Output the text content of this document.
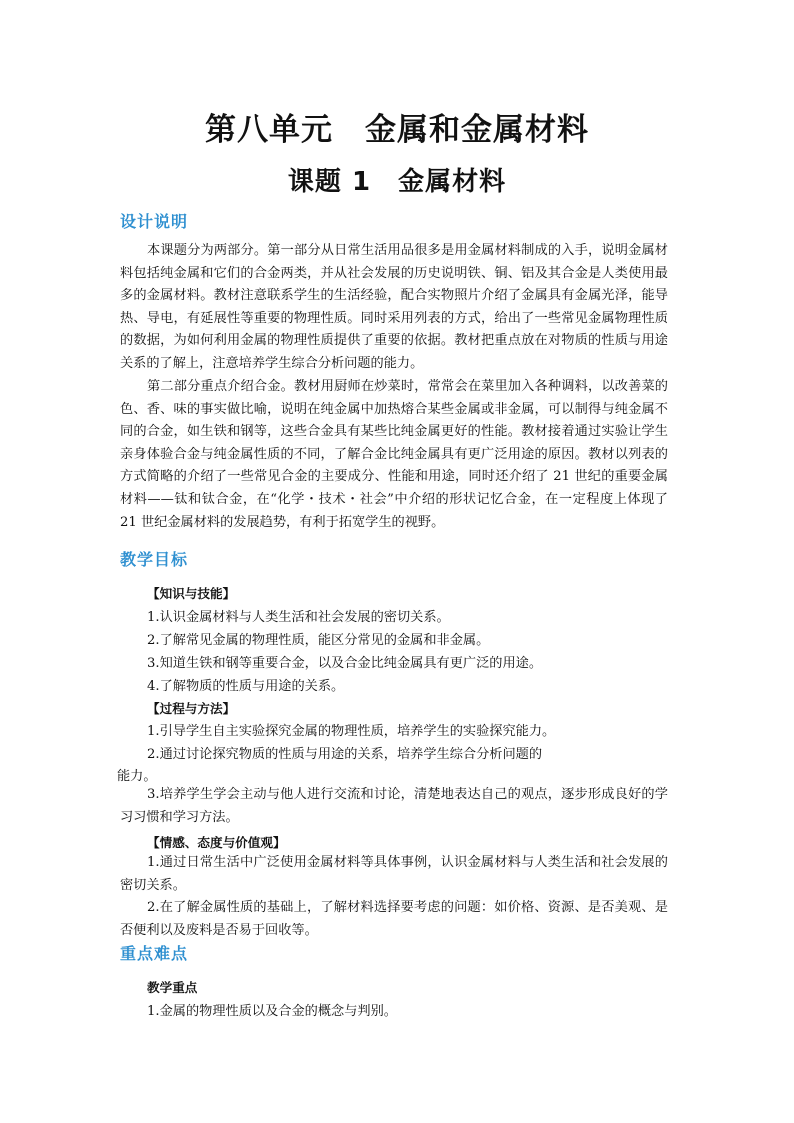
第八单元　金属和金属材料
课题 1　金属材料
设计说明

本课题分为两部分。第一部分从日常生活用品很多是用金属材料制成的入手，说明金属材料包括纯金属和它们的合金两类，并从社会发展的历史说明铁、铜、铝及其合金是人类使用最多的金属材料。教材注意联系学生的生活经验，配合实物照片介绍了金属具有金属光泽，能导热、导电，有延展性等重要的物理性质。同时采用列表的方式，给出了一些常见金属物理性质的数据，为如何利用金属的物理性质提供了重要的依据。教材把重点放在对物质的性质与用途关系的了解上，注意培养学生综合分析问题的能力。

第二部分重点介绍合金。教材用厨师在炒菜时，常常会在菜里加入各种调料，以改善菜的色、香、味的事实做比喻，说明在纯金属中加热熔合某些金属或非金属，可以制得与纯金属不同的合金，如生铁和钢等，这些合金具有某些比纯金属更好的性能。教材接着通过实验让学生亲身体验合金与纯金属性质的不同，了解合金比纯金属具有更广泛用途的原因。教材以列表的方式简略的介绍了一些常见合金的主要成分、性能和用途，同时还介绍了 21 世纪的重要金属材料——钛和钛合金，在“化学・技术・社会”中介绍的形状记忆合金，在一定程度上体现了 21 世纪金属材料的发展趋势，有利于拓宽学生的视野。

教学目标
【知识与技能】
1.认识金属材料与人类生活和社会发展的密切关系。
2.了解常见金属的物理性质，能区分常见的金属和非金属。
3.知道生铁和钢等重要合金，以及合金比纯金属具有更广泛的用途。
4.了解物质的性质与用途的关系。
【过程与方法】
1.引导学生自主实验探究金属的物理性质，培养学生的实验探究能力。
2.通过讨论探究物质的性质与用途的关系，培养学生综合分析问题的
能力。

3.培养学生学会主动与他人进行交流和讨论，清楚地表达自己的观点，逐步形成良好的学习习惯和学习方法。

【情感、态度与价值观】

1.通过日常生活中广泛使用金属材料等具体事例，认识金属材料与人类生活和社会发展的密切关系。

2.在了解金属性质的基础上，了解材料选择要考虑的问题：如价格、资源、是否美观、是否便利以及废料是否易于回收等。

重点难点
教学重点
1.金属的物理性质以及合金的概念与判别。
